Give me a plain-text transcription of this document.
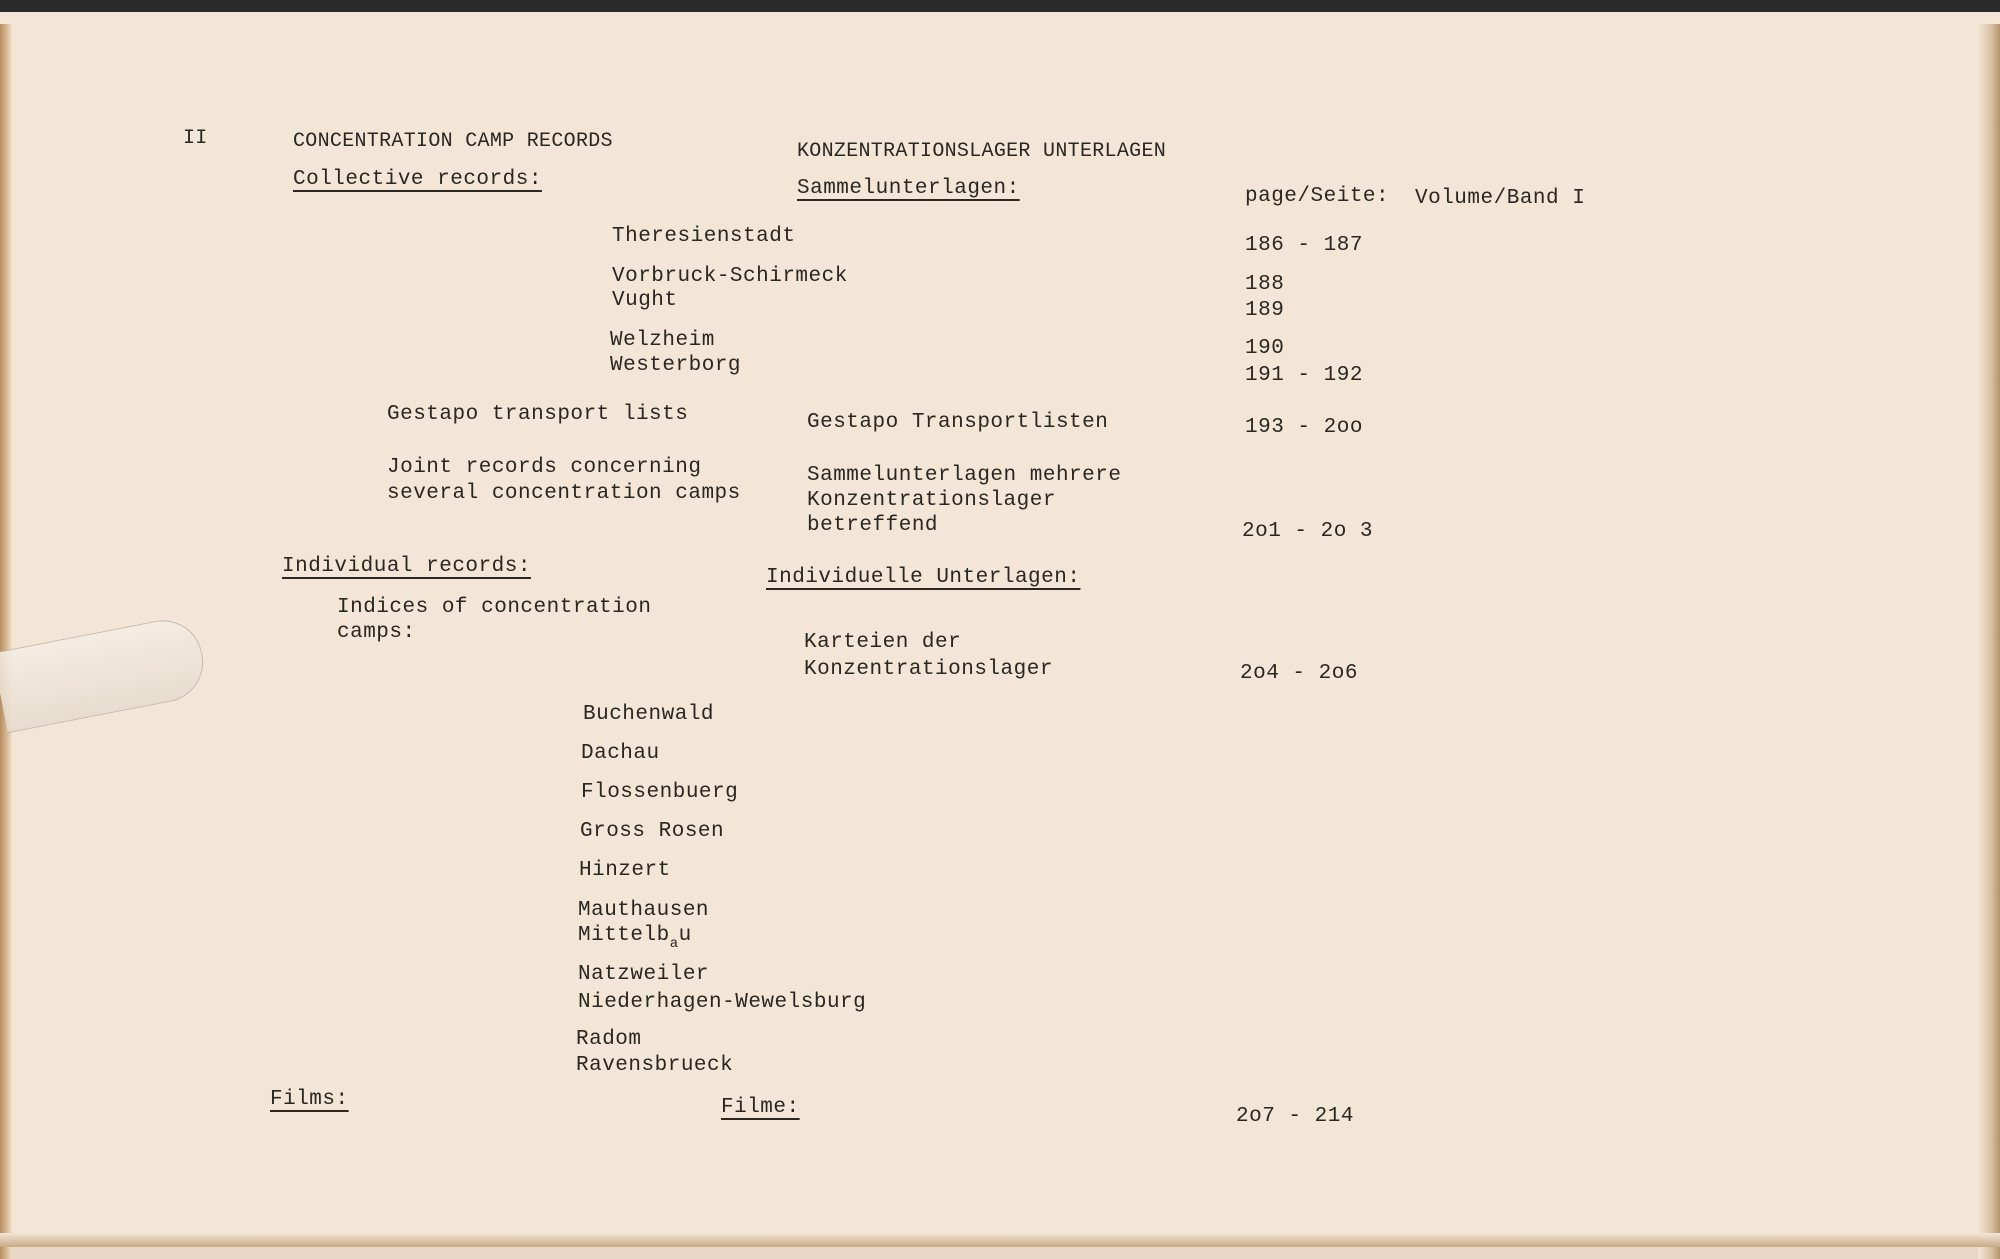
II	CONCENTRATION CAMP RECORDS	KONZENTRATIONSLAGER UNTERLAGEN
Collective records:	Sammelunterlagen:	page/Seite: Volume/Band I
Theresienstadt	186 - 187
Vorbruck-Schirmeck	188
Vught	189
Welzheim	190
Westerborg	191 - 192
Gestapo transport lists	Gestapo Transportlisten	193 - 2oo
Joint records concerning
several concentration camps
Sammelunterlagen mehrere
Konzentrationslager
betreffend	2o1 - 2o 3
Individual records:	Individuelle Unterlagen:
Indices of concentration
camps:	Karteien der
Konzentrationslager	2o4 - 2o6
Buchenwald
Dachau
Flossenbuerg
Gross Rosen
Hinzert
Mauthausen
Mittelb$_a$u
Natzweiler
Niederhagen-Wewelsburg
Radom
Ravensbrueck
Films:	Filme:	2o7 - 214
